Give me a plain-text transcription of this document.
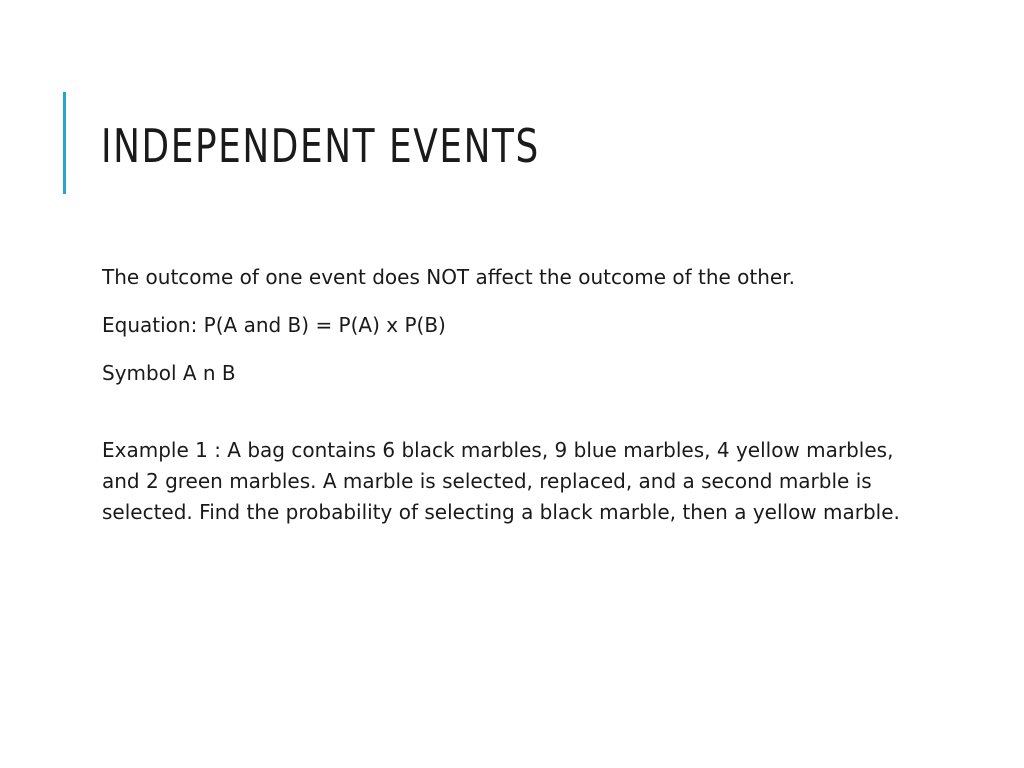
INDEPENDENT EVENTS

The outcome of one event does NOT affect the outcome of the other.

Equation: P(A and B) = P(A) x P(B)

Symbol A n B

Example 1 : A bag contains 6 black marbles, 9 blue marbles, 4 yellow marbles, and 2 green marbles. A marble is selected, replaced, and a second marble is selected. Find the probability of selecting a black marble, then a yellow marble.
